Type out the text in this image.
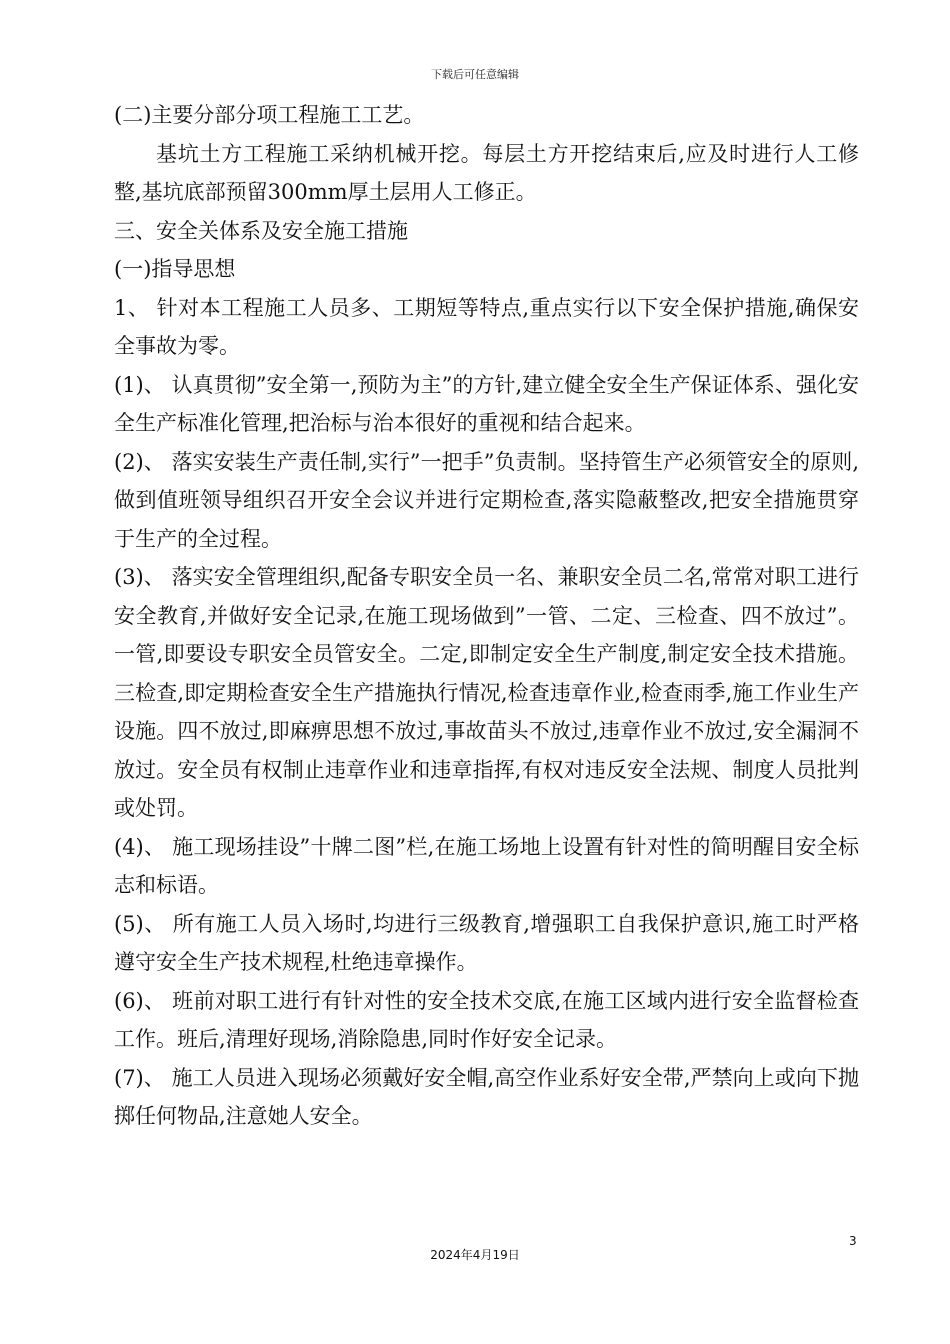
下载后可任意编辑

(二)主要分部分项工程施工工艺。

基坑土方工程施工采纳机械开挖。每层土方开挖结束后,应及时进行人工修整,基坑底部预留300mm厚土层用人工修正。

三、安全关体系及安全施工措施

(一)指导思想

1、 针对本工程施工人员多、工期短等特点,重点实行以下安全保护措施,确保安全事故为零。

(1)、 认真贯彻”安全第一,预防为主”的方针,建立健全安全生产保证体系、强化安全生产标准化管理,把治标与治本很好的重视和结合起来。

(2)、 落实安装生产责任制,实行”一把手”负责制。坚持管生产必须管安全的原则,做到值班领导组织召开安全会议并进行定期检查,落实隐蔽整改,把安全措施贯穿于生产的全过程。

(3)、 落实安全管理组织,配备专职安全员一名、兼职安全员二名,常常对职工进行安全教育,并做好安全记录,在施工现场做到”一管、二定、三检查、四不放过”。一管,即要设专职安全员管安全。二定,即制定安全生产制度,制定安全技术措施。三检查,即定期检查安全生产措施执行情况,检查违章作业,检查雨季,施工作业生产设施。四不放过,即麻痹思想不放过,事故苗头不放过,违章作业不放过,安全漏洞不放过。安全员有权制止违章作业和违章指挥,有权对违反安全法规、制度人员批判或处罚。

(4)、 施工现场挂设”十牌二图”栏,在施工场地上设置有针对性的简明醒目安全标志和标语。

(5)、 所有施工人员入场时,均进行三级教育,增强职工自我保护意识,施工时严格遵守安全生产技术规程,杜绝违章操作。

(6)、 班前对职工进行有针对性的安全技术交底,在施工区域内进行安全监督检查工作。班后,清理好现场,消除隐患,同时作好安全记录。

(7)、 施工人员进入现场必须戴好安全帽,高空作业系好安全带,严禁向上或向下抛掷任何物品,注意她人安全。

3
2024年4月19日
